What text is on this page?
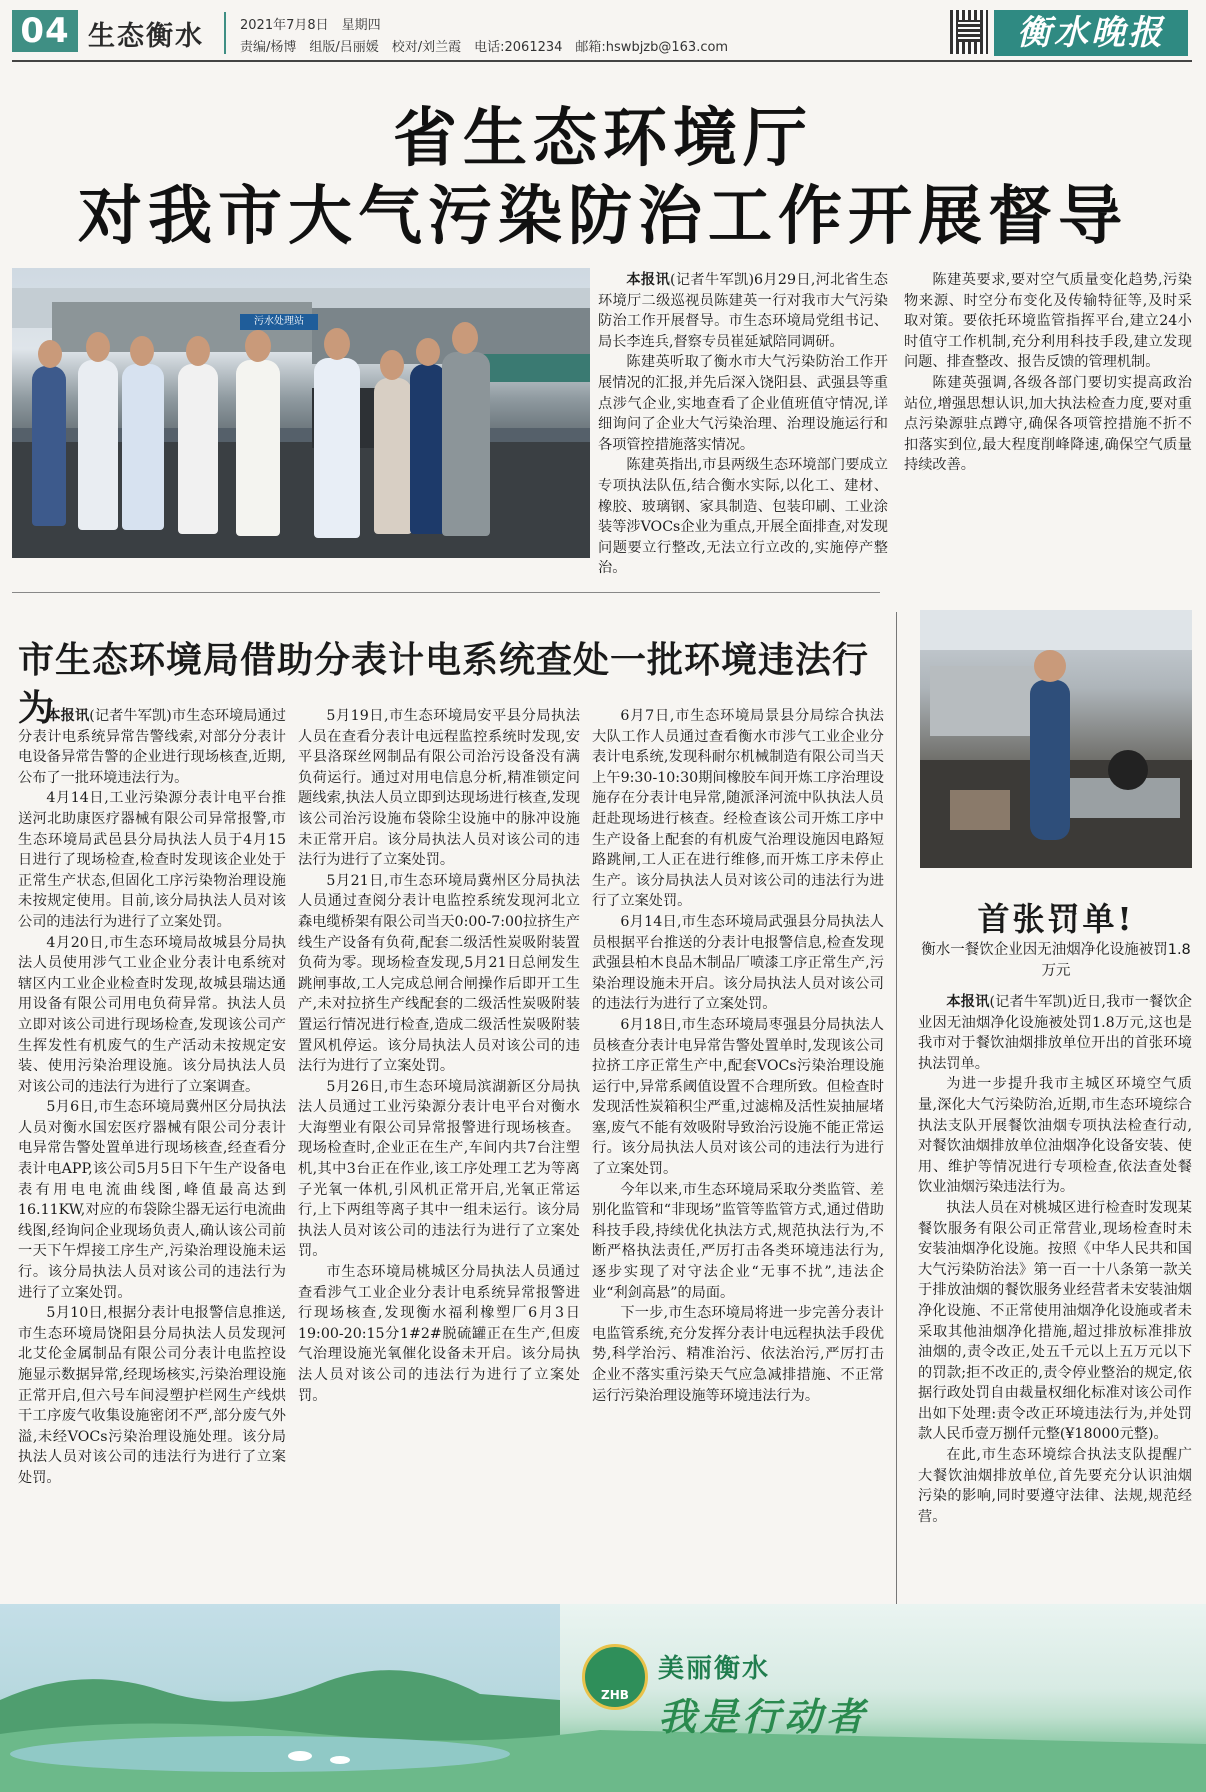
04 生态衡水	2021年7月8日　星期四
责编/杨博　组版/吕丽媛　校对/刘兰霞　电话:2061234　邮箱:hswbjzb@163.com	衡水晚报
省生态环境厅
对我市大气污染防治工作开展督导
污水处理站

本报讯(记者牛军凯)6月29日,河北省生态环境厅二级巡视员陈建英一行对我市大气污染防治工作开展督导。市生态环境局党组书记、局长李连兵,督察专员崔延斌陪同调研。

陈建英听取了衡水市大气污染防治工作开展情况的汇报,并先后深入饶阳县、武强县等重点涉气企业,实地查看了企业值班值守情况,详细询问了企业大气污染治理、治理设施运行和各项管控措施落实情况。

陈建英指出,市县两级生态环境部门要成立专项执法队伍,结合衡水实际,以化工、建材、橡胶、玻璃钢、家具制造、包装印刷、工业涂装等涉VOCs企业为重点,开展全面排查,对发现问题要立行整改,无法立行立改的,实施停产整治。

陈建英要求,要对空气质量变化趋势,污染物来源、时空分布变化及传输特征等,及时采取对策。要依托环境监管指挥平台,建立24小时值守工作机制,充分利用科技手段,建立发现问题、排查整改、报告反馈的管理机制。

陈建英强调,各级各部门要切实提高政治站位,增强思想认识,加大执法检查力度,要对重点污染源驻点蹲守,确保各项管控措施不折不扣落实到位,最大程度削峰降速,确保空气质量持续改善。

市生态环境局借助分表计电系统查处一批环境违法行为

本报讯(记者牛军凯)市生态环境局通过分表计电系统异常告警线索,对部分分表计电设备异常告警的企业进行现场核查,近期,公布了一批环境违法行为。

4月14日,工业污染源分表计电平台推送河北助康医疗器械有限公司异常报警,市生态环境局武邑县分局执法人员于4月15日进行了现场检查,检查时发现该企业处于正常生产状态,但固化工序污染物治理设施未按规定使用。目前,该分局执法人员对该公司的违法行为进行了立案处罚。

4月20日,市生态环境局故城县分局执法人员使用涉气工业企业分表计电系统对辖区内工业企业检查时发现,故城县瑞达通用设备有限公司用电负荷异常。执法人员立即对该公司进行现场检查,发现该公司产生挥发性有机废气的生产活动未按规定安装、使用污染治理设施。该分局执法人员对该公司的违法行为进行了立案调查。

5月6日,市生态环境局冀州区分局执法人员对衡水国宏医疗器械有限公司分表计电异常告警处置单进行现场核查,经查看分表计电APP,该公司5月5日下午生产设备电表有用电电流曲线图,峰值最高达到16.11KW,对应的布袋除尘器无运行电流曲线图,经询问企业现场负责人,确认该公司前一天下午焊接工序生产,污染治理设施未运行。该分局执法人员对该公司的违法行为进行了立案处罚。

5月10日,根据分表计电报警信息推送,市生态环境局饶阳县分局执法人员发现河北艾伦金属制品有限公司分表计电监控设施显示数据异常,经现场核实,污染治理设施正常开启,但六号车间浸塑护栏网生产线烘干工序废气收集设施密闭不严,部分废气外溢,未经VOCs污染治理设施处理。该分局执法人员对该公司的违法行为进行了立案处罚。

5月19日,市生态环境局安平县分局执法人员在查看分表计电远程监控系统时发现,安平县洛琛丝网制品有限公司治污设备没有满负荷运行。通过对用电信息分析,精准锁定问题线索,执法人员立即到达现场进行核查,发现该公司治污设施布袋除尘设施中的脉冲设施未正常开启。该分局执法人员对该公司的违法行为进行了立案处罚。

5月21日,市生态环境局冀州区分局执法人员通过查阅分表计电监控系统发现河北立森电缆桥架有限公司当天0:00-7:00拉挤生产线生产设备有负荷,配套二级活性炭吸附装置负荷为零。现场检查发现,5月21日总闸发生跳闸事故,工人完成总闸合闸操作后即开工生产,未对拉挤生产线配套的二级活性炭吸附装置运行情况进行检查,造成二级活性炭吸附装置风机停运。该分局执法人员对该公司的违法行为进行了立案处罚。

5月26日,市生态环境局滨湖新区分局执法人员通过工业污染源分表计电平台对衡水大海塑业有限公司异常报警进行现场核查。现场检查时,企业正在生产,车间内共7台注塑机,其中3台正在作业,该工序处理工艺为等离子光氧一体机,引风机正常开启,光氧正常运行,上下两组等离子其中一组未运行。该分局执法人员对该公司的违法行为进行了立案处罚。

市生态环境局桃城区分局执法人员通过查看涉气工业企业分表计电系统异常报警进行现场核查,发现衡水福利橡塑厂6月3日19:00-20:15分1#2#脱硫罐正在生产,但废气治理设施光氧催化设备未开启。该分局执法人员对该公司的违法行为进行了立案处罚。

6月7日,市生态环境局景县分局综合执法大队工作人员通过查看衡水市涉气工业企业分表计电系统,发现科耐尔机械制造有限公司当天上午9:30-10:30期间橡胶车间开炼工序治理设施存在分表计电异常,随派泽河流中队执法人员赶赴现场进行核查。经检查该公司开炼工序中生产设备上配套的有机废气治理设施因电路短路跳闸,工人正在进行维修,而开炼工序未停止生产。该分局执法人员对该公司的违法行为进行了立案处罚。

6月14日,市生态环境局武强县分局执法人员根据平台推送的分表计电报警信息,检查发现武强县柏木良品木制品厂喷漆工序正常生产,污染治理设施未开启。该分局执法人员对该公司的违法行为进行了立案处罚。

6月18日,市生态环境局枣强县分局执法人员核查分表计电异常告警处置单时,发现该公司拉挤工序正常生产中,配套VOCs污染治理设施运行中,异常系阈值设置不合理所致。但检查时发现活性炭箱积尘严重,过滤棉及活性炭抽屉堵塞,废气不能有效吸附导致治污设施不能正常运行。该分局执法人员对该公司的违法行为进行了立案处罚。

今年以来,市生态环境局采取分类监管、差别化监管和“非现场”监管等监管方式,通过借助科技手段,持续优化执法方式,规范执法行为,不断严格执法责任,严厉打击各类环境违法行为,逐步实现了对守法企业“无事不扰”,违法企业“利剑高悬”的局面。

下一步,市生态环境局将进一步完善分表计电监管系统,充分发挥分表计电远程执法手段优势,科学治污、精准治污、依法治污,严厉打击企业不落实重污染天气应急减排措施、不正常运行污染治理设施等环境违法行为。

首张罚单!
衡水一餐饮企业因无油烟净化设施被罚1.8万元

本报讯(记者牛军凯)近日,我市一餐饮企业因无油烟净化设施被处罚1.8万元,这也是我市对于餐饮油烟排放单位开出的首张环境执法罚单。

为进一步提升我市主城区环境空气质量,深化大气污染防治,近期,市生态环境综合执法支队开展餐饮油烟专项执法检查行动,对餐饮油烟排放单位油烟净化设备安装、使用、维护等情况进行专项检查,依法查处餐饮业油烟污染违法行为。

执法人员在对桃城区进行检查时发现某餐饮服务有限公司正常营业,现场检查时未安装油烟净化设施。按照《中华人民共和国大气污染防治法》第一百一十八条第一款关于排放油烟的餐饮服务业经营者未安装油烟净化设施、不正常使用油烟净化设施或者未采取其他油烟净化措施,超过排放标准排放油烟的,责令改正,处五千元以上五万元以下的罚款;拒不改正的,责令停业整治的规定,依据行政处罚自由裁量权细化标准对该公司作出如下处理:责令改正环境违法行为,并处罚款人民币壹万捌仟元整(¥18000元整)。

在此,市生态环境综合执法支队提醒广大餐饮油烟排放单位,首先要充分认识油烟污染的影响,同时要遵守法律、法规,规范经营。

ZHB
美丽衡水
我是行动者
